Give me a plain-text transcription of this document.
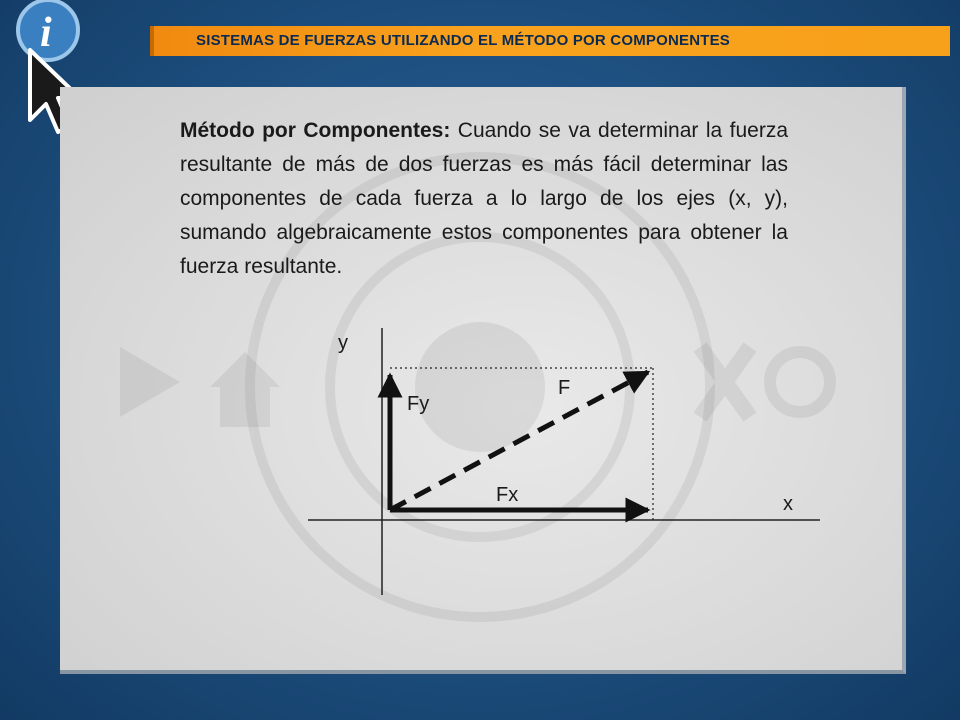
i	SISTEMAS DE FUERZAS UTILIZANDO EL MÉTODO POR COMPONENTES
Método por Componentes: Cuando se va determinar la fuerza resultante de más de dos fuerzas es más fácil determinar las componentes de cada fuerza a lo largo de los ejes (x, y), sumando algebraicamente estos componentes para obtener la fuerza resultante.
y
x
F
Fy
Fx
